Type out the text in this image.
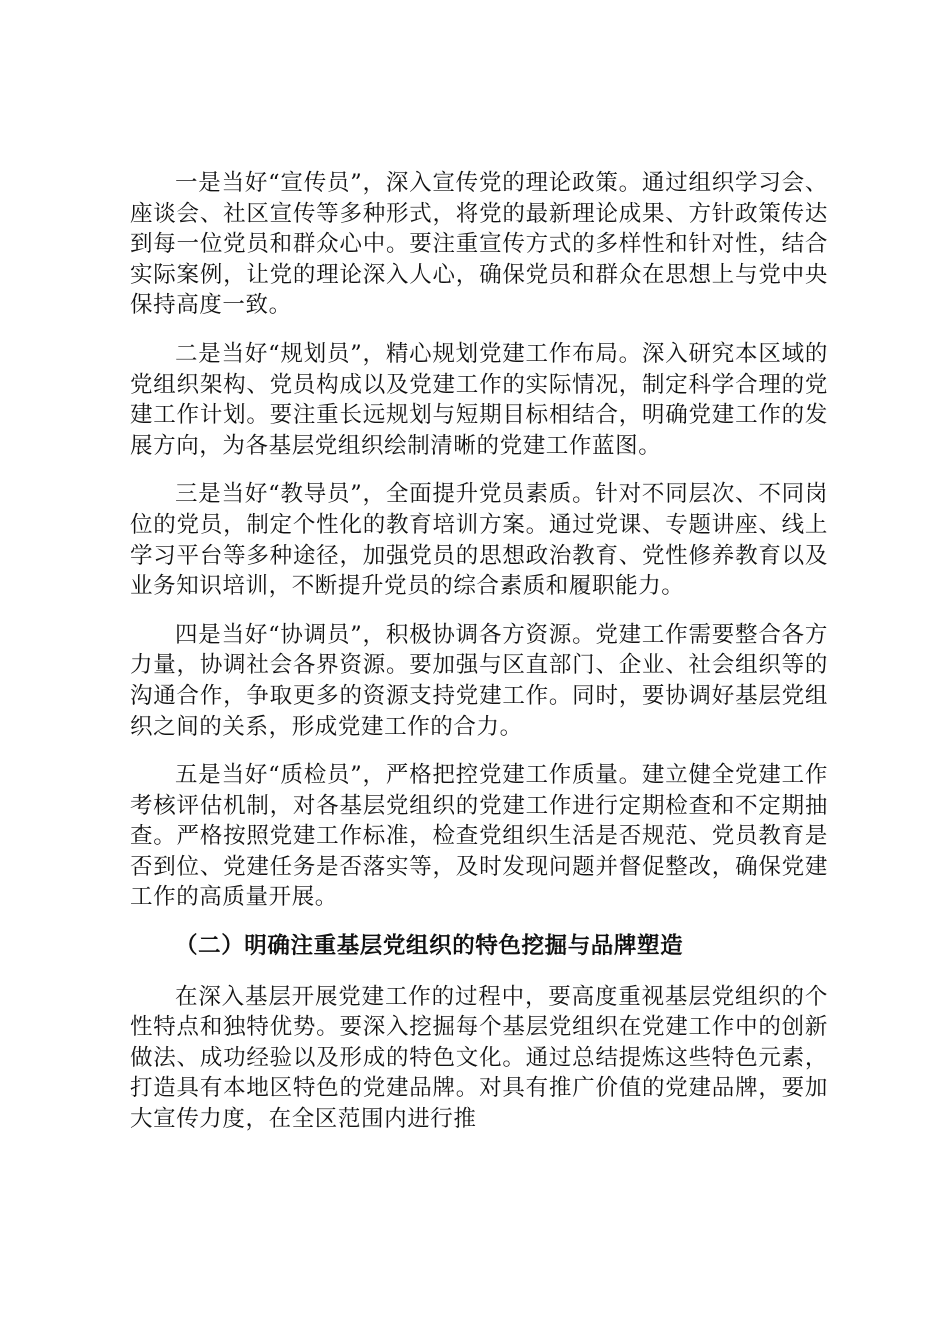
一是当好“宣传员”，深入宣传党的理论政策。通过组织学习会、座谈会、社区宣传等多种形式，将党的最新理论成果、方针政策传达到每一位党员和群众心中。要注重宣传方式的多样性和针对性，结合实际案例，让党的理论深入人心，确保党员和群众在思想上与党中央保持高度一致。

二是当好“规划员”，精心规划党建工作布局。深入研究本区域的党组织架构、党员构成以及党建工作的实际情况，制定科学合理的党建工作计划。要注重长远规划与短期目标相结合，明确党建工作的发展方向，为各基层党组织绘制清晰的党建工作蓝图。

三是当好“教导员”，全面提升党员素质。针对不同层次、不同岗位的党员，制定个性化的教育培训方案。通过党课、专题讲座、线上学习平台等多种途径，加强党员的思想政治教育、党性修养教育以及业务知识培训，不断提升党员的综合素质和履职能力。

四是当好“协调员”，积极协调各方资源。党建工作需要整合各方力量，协调社会各界资源。要加强与区直部门、企业、社会组织等的沟通合作，争取更多的资源支持党建工作。同时，要协调好基层党组织之间的关系，形成党建工作的合力。

五是当好“质检员”，严格把控党建工作质量。建立健全党建工作考核评估机制，对各基层党组织的党建工作进行定期检查和不定期抽查。严格按照党建工作标准，检查党组织生活是否规范、党员教育是否到位、党建任务是否落实等，及时发现问题并督促整改，确保党建工作的高质量开展。

（二）明确注重基层党组织的特色挖掘与品牌塑造

在深入基层开展党建工作的过程中，要高度重视基层党组织的个性特点和独特优势。要深入挖掘每个基层党组织在党建工作中的创新做法、成功经验以及形成的特色文化。通过总结提炼这些特色元素，打造具有本地区特色的党建品牌。对具有推广价值的党建品牌，要加大宣传力度，在全区范围内进行推
